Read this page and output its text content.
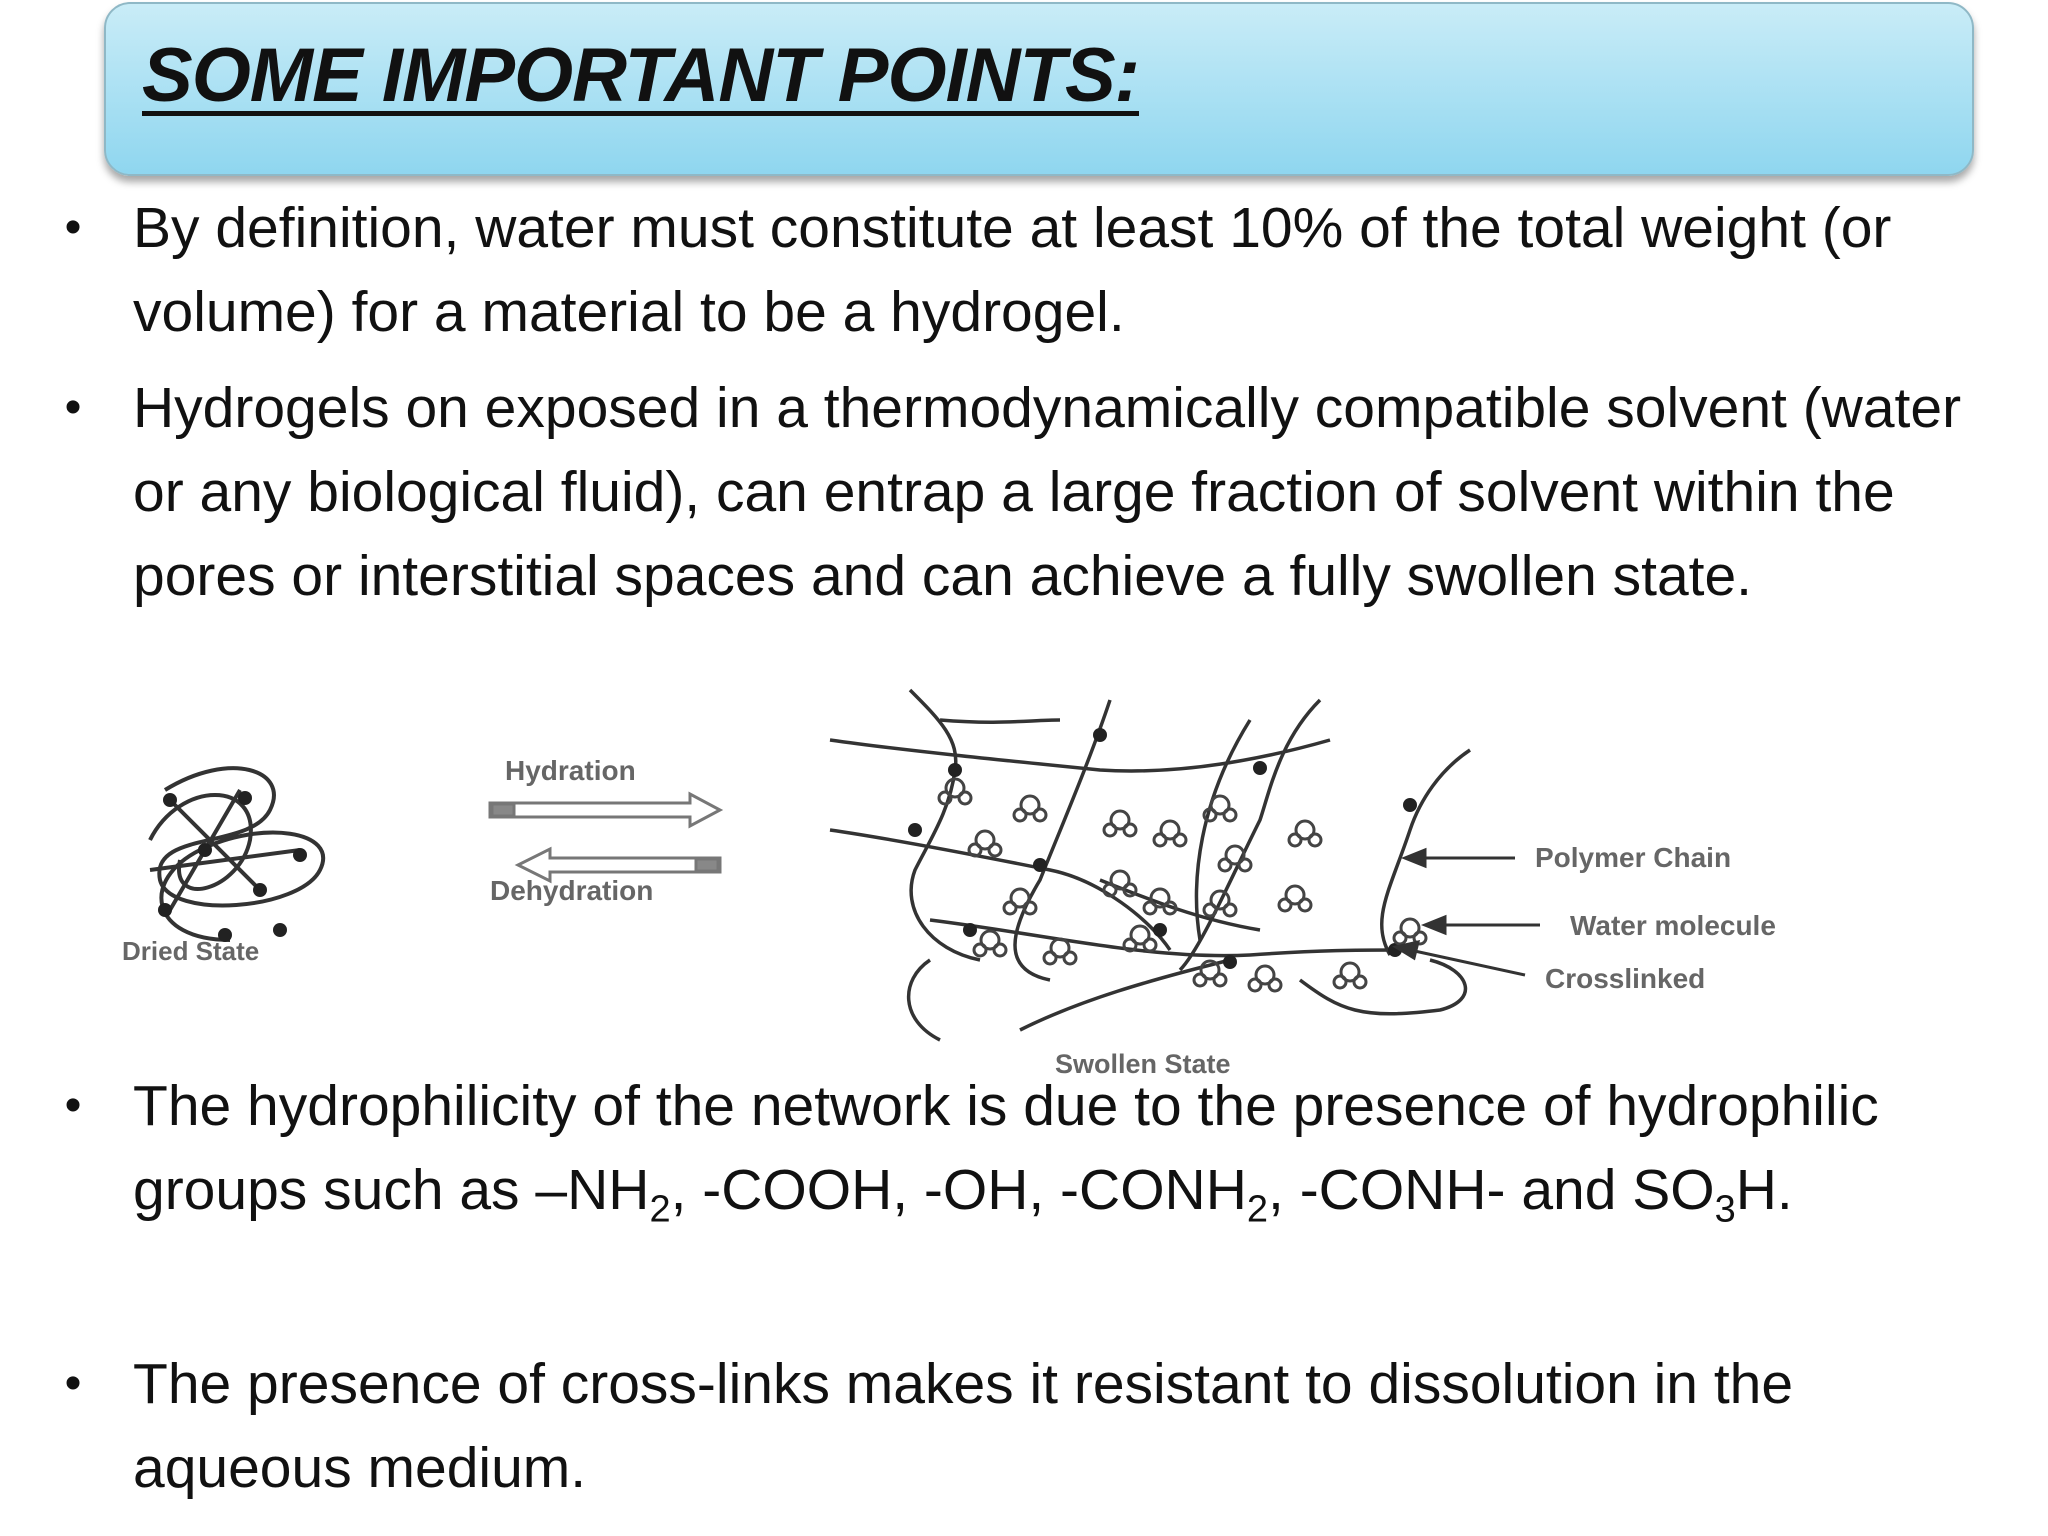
SOME IMPORTANT POINTS:
• By definition, water must constitute at least 10% of the total weight (or volume) for a material to be a hydrogel.
• Hydrogels on exposed in a thermodynamically compatible solvent (water or any biological fluid), can entrap a large fraction of solvent within the pores or interstitial spaces and can achieve a fully swollen state.
• The hydrophilicity of the network is due to the presence of hydrophilic groups such as $-NH_2$, -COOH, -OH, $-CONH_2$, -CONH- and $SO_3H$.
• The presence of cross-links makes it resistant to dissolution in the aqueous medium.
Dried State
Hydration
Dehydration
Polymer Chain
Water molecule
Crosslinked
Swollen State
